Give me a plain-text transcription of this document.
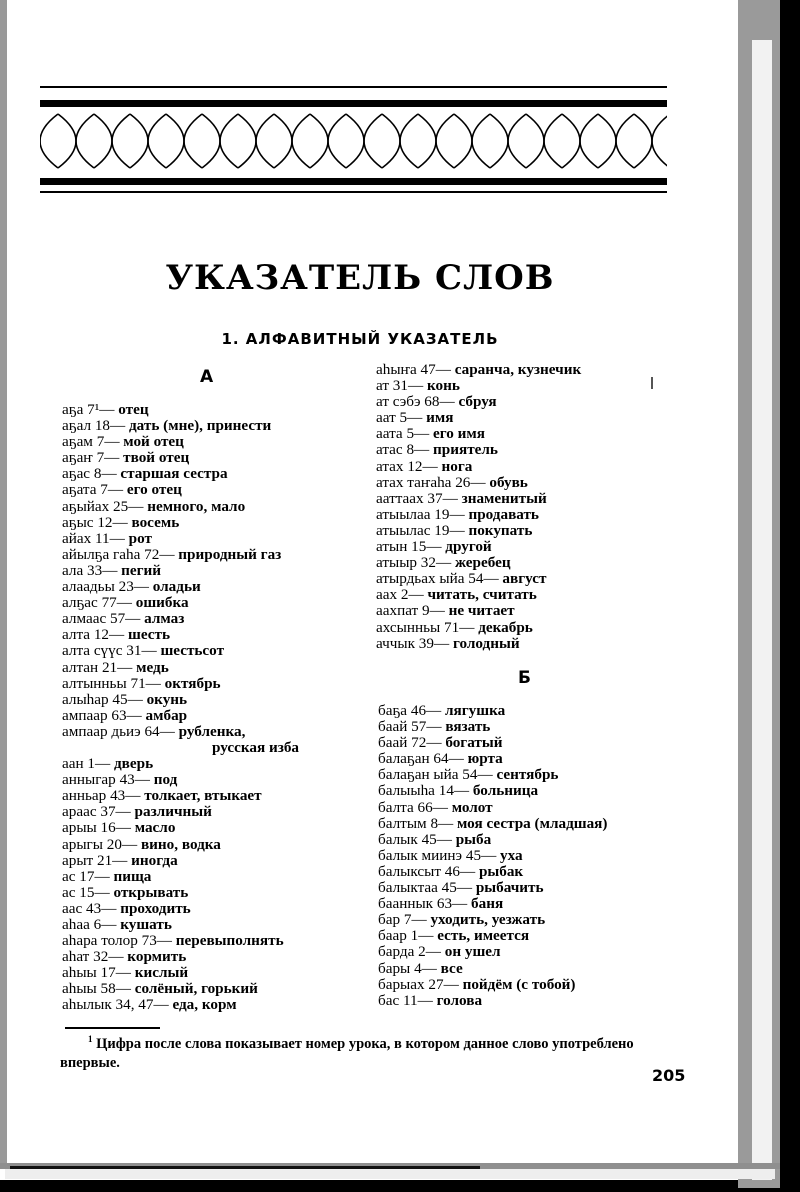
УКАЗАТЕЛЬ СЛОВ
1. АЛФАВИТНЫЙ УКАЗАТЕЛЬ
А
Б
аҕа 7¹— отец
аҕал 18— дать (мне), принести
аҕам 7— мой отец
аҕаҥ 7— твой отец
аҕас 8— старшая сестра
аҕата 7— его отец
аҕыйах 25— немного, мало
аҕыс 12— восемь
айах 11— рот
айылҕа гаһа 72— природный газ
ала 33— пегий
алаадьы 23— оладьи
алҕас 77— ошибка
алмаас 57— алмаз
алта 12— шесть
алта сүүс 31— шестьсот
алтан 21— медь
алтынньы 71— октябрь
алыһар 45— окунь
ампаар 63— амбар
ампаар дьиэ 64— рубленка,
русская изба
аан 1— дверь
анныгар 43— под
анньар 43— толкает, втыкает
араас 37— различный
арыы 16— масло
арыгы 20— вино, водка
арыт 21— иногда
ас 17— пища
ас 15— открывать
аас 43— проходить
аһаа 6— кушать
аһара толор 73— перевыполнять
аһат 32— кормить
аһыы 17— кислый
аһыы 58— солёный, горький
аһылык 34, 47— еда, корм
аһыҥа 47— саранча, кузнечик
ат 31— конь
ат сэбэ 68— сбруя
аат 5— имя
аата 5— его имя
атас 8— приятель
атах 12— нога
атах таҥаһа 26— обувь
ааттаах 37— знаменитый
атыылаа 19— продавать
атыылас 19— покупать
атын 15— другой
атыыр 32— жеребец
атырдьах ыйа 54— август
аах 2— читать, считать
аахпат 9— не читает
ахсынньы 71— декабрь
аччык 39— голодный
баҕа 46— лягушка
баай 57— вязать
баай 72— богатый
балаҕан 64— юрта
балаҕан ыйа 54— сентябрь
балыыһа 14— больница
балта 66— молот
балтым 8— моя сестра (младшая)
балык 45— рыба
балык миинэ 45— уха
балыксыт 46— рыбак
балыктаа 45— рыбачить
бааннык 63— баня
бар 7— уходить, уезжать
баар 1— есть, имеется
барда 2— он ушел
бары 4— все
барыах 27— пойдём (с тобой)
бас 11— голова
$^1$ Цифра после слова показывает номер урока, в котором данное слово употреблено впервые.
205
